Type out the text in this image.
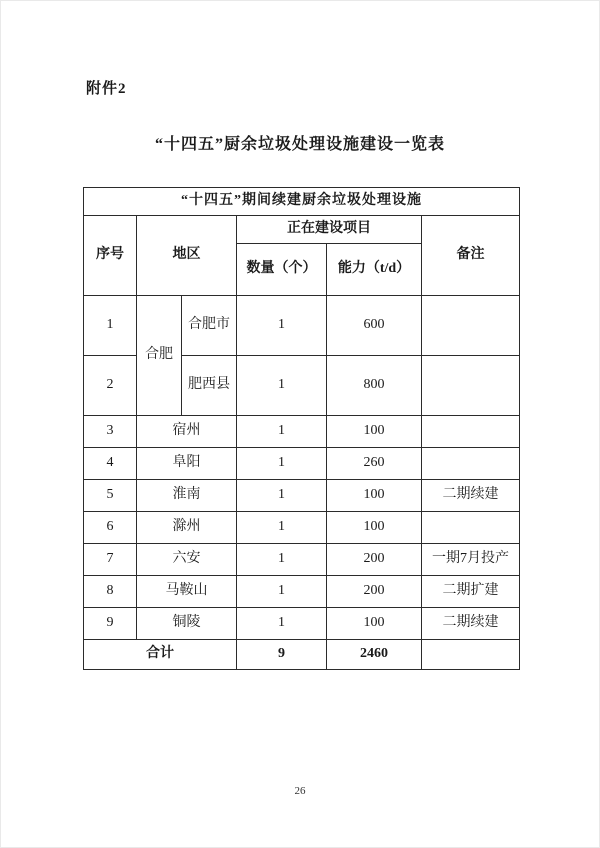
附件2
“十四五”厨余垃圾处理设施建设一览表
“十四五”期间续建厨余垃圾处理设施					
序号	地区		正在建设项目		备注
			数量（个）	能力（t/d）	
1	合肥	合肥市	1	600	
2		肥西县	1	800	
3	宿州		1	100	
4	阜阳		1	260	
5	淮南		1	100	二期续建
6	滁州		1	100	
7	六安		1	200	一期7月投产
8	马鞍山		1	200	二期扩建
9	铜陵		1	100	二期续建
合计			9	2460	
26
